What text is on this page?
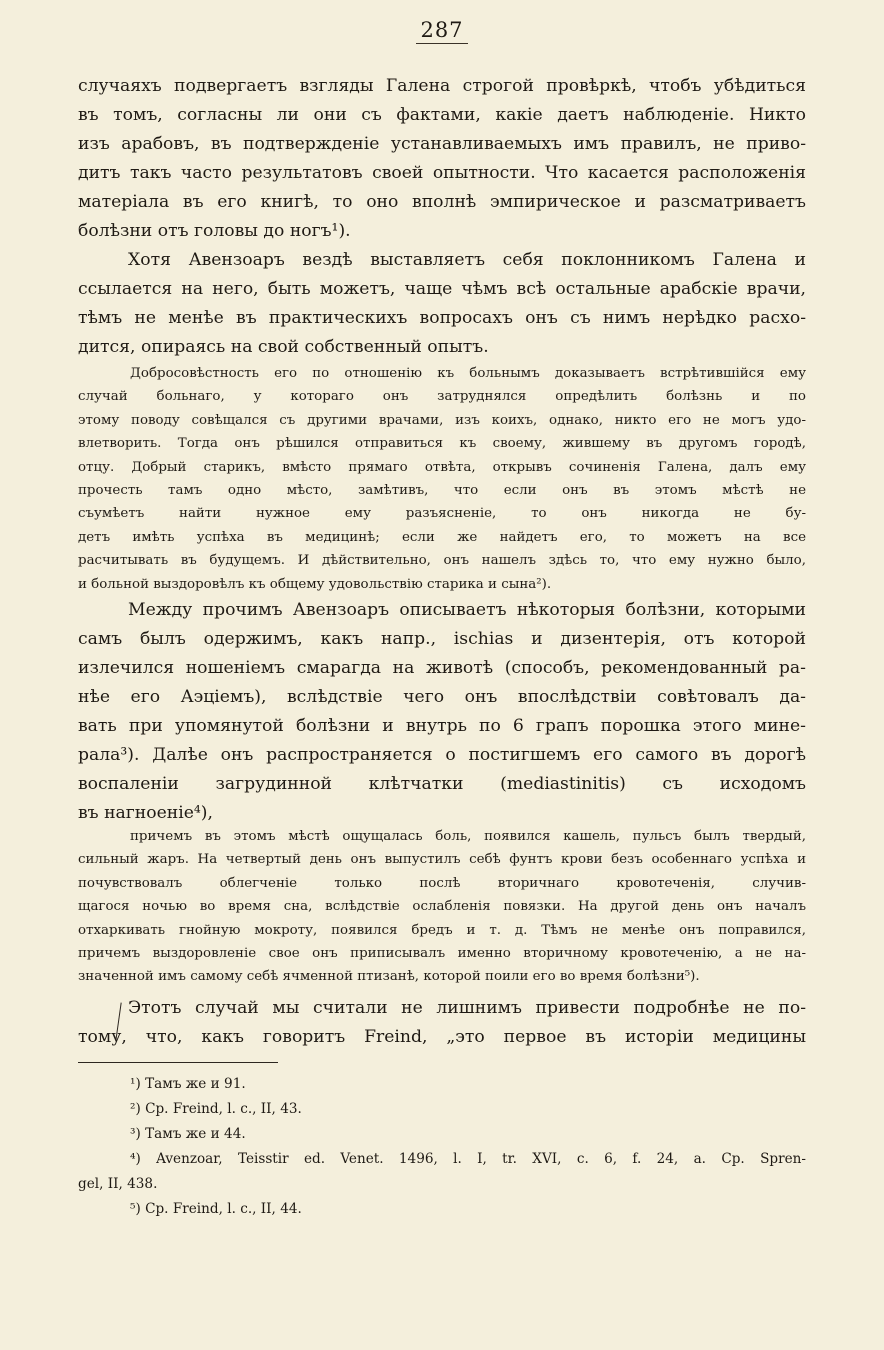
287

случаяхъ подвергаетъ взгляды Галена строгой провѣркѣ, чтобъ убѣдиться

въ томъ, согласны ли они съ фактами, какіе даетъ наблюденіе. Никто

изъ арабовъ, въ подтвержденіе устанавливаемыхъ имъ правилъ, не приво-

дитъ такъ часто результатовъ своей опытности. Что касается расположенія

матеріала въ его книгѣ, то оно вполнѣ эмпирическое и разсматриваетъ

болѣзни отъ головы до ногъ¹).

Хотя Авензоаръ вездѣ выставляетъ себя поклонникомъ Галена и

ссылается на него, быть можетъ, чаще чѣмъ всѣ остальные арабскіе врачи,

тѣмъ не менѣе въ практическихъ вопросахъ онъ съ нимъ нерѣдко расхо-

дится, опираясь на свой собственный опытъ.

Добросовѣстность его по отношенію къ больнымъ доказываетъ встрѣтившійся ему

случай больнаго, у котораго онъ затруднялся опредѣлить болѣзнь и по

этому поводу совѣщался съ другими врачами, изъ коихъ, однако, никто его не могъ удо-

влетворить. Тогда онъ рѣшился отправиться къ своему, жившему въ другомъ городѣ,

отцу. Добрый старикъ, вмѣсто прямаго отвѣта, открывъ сочиненія Галена, далъ ему

прочесть тамъ одно мѣсто, замѣтивъ, что если онъ въ этомъ мѣстѣ не

съумѣетъ найти нужное ему разъясненіе, то онъ никогда не бу-

детъ имѣть успѣха въ медицинѣ; если же найдетъ его, то можетъ на все

расчитывать въ будущемъ. И дѣйствительно, онъ нашелъ здѣсь то, что ему нужно было,

и больной выздоровѣлъ къ общему удовольствію старика и сына²).

Между прочимъ Авензоаръ описываетъ нѣкоторыя болѣзни, которыми

самъ былъ одержимъ, какъ напр., ischias и дизентерія, отъ которой

излечился ношеніемъ смарагда на животѣ (способъ, рекомендованный ра-

нѣе его Аэціемъ), вслѣдствіе чего онъ впослѣдствіи совѣтовалъ да-

вать при упомянутой болѣзни и внутрь по 6 грапъ порошка этого мине-

рала³). Далѣе онъ распространяется о постигшемъ его самого въ дорогѣ

воспаленіи загрудинной клѣтчатки (mediastinitis) съ исходомъ

въ нагноеніе⁴),

причемъ въ этомъ мѣстѣ ощущалась боль, появился кашель, пульсъ былъ твердый,

сильный жаръ. На четвертый день онъ выпустилъ себѣ фунтъ крови безъ особеннаго успѣха и

почувствовалъ облегченіе только послѣ вторичнаго кровотеченія, случив-

щагося ночью во время сна, вслѣдствіе ослабленія повязки. На другой день онъ началъ

отхаркивать гнойную мокроту, появился бредъ и т. д. Тѣмъ не менѣе онъ поправился,

причемъ выздоровленіе свое онъ приписывалъ именно вторичному кровотеченію, а не на-

значенной имъ самому себѣ ячменной птизанѣ, которой поили его во время болѣзни⁵).

Этотъ случай мы считали не лишнимъ привести подробнѣе не по-

тому, что, какъ говоритъ Freind, „это первое въ исторіи медицины

¹) Тамъ же и 91.

²) Cp. Freind, l. c., II, 43.

³) Тамъ же и 44.

⁴) Avenzoar, Teisstir ed. Venet. 1496, l. I, tr. XVI, c. 6, f. 24, a. Cp. Spren-

gel, II, 438.

⁵) Cp. Freind, l. c., II, 44.
